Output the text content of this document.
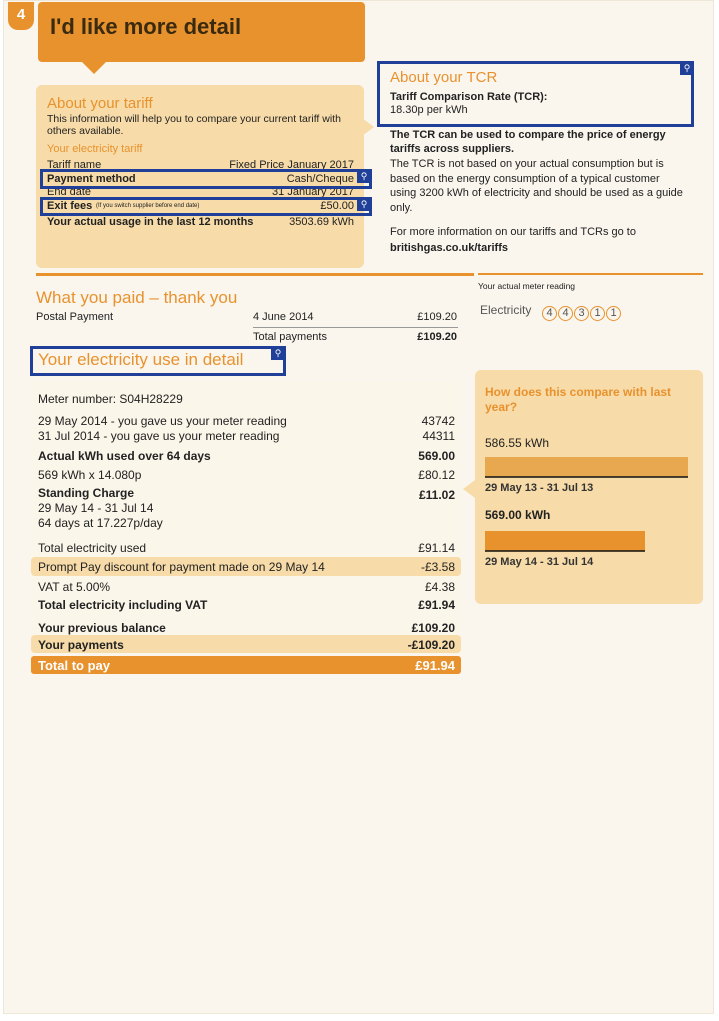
4	I'd like more detail
About your tariff
This information will help you to compare your current tariff with others available.
Your electricity tariff
Tariff name	Fixed Price January 2017
Payment method	Cash/Cheque
End date	31 January 2017
Exit fees (If you switch supplier before end date)	£50.00
Your actual usage in the last 12 months	3503.69 kWh
⚲
⚲
⚲
About your TCR
Tariff Comparison Rate (TCR):
18.30p per kWh
The TCR can be used to compare the price of energy tariffs across suppliers.
The TCR is not based on your actual consumption but is based on the energy consumption of a typical customer using 3200 kWh of electricity and should be used as a guide only.
For more information on our tariffs and TCRs go to
britishgas.co.uk/tariffs
What you paid – thank you
Postal Payment	4 June 2014	£109.20
Total payments	£109.20
Your actual meter reading
Electricity	4 4 3 1 1
⚲
Your electricity use in detail
Meter number: S04H28229
29 May 2014 - you gave us your meter reading	43742
31 Jul 2014 - you gave us your meter reading	44311
Actual kWh used over 64 days	569.00
569 kWh x 14.080p	£80.12
Standing Charge	£11.02
29 May 14 - 31 Jul 14
64 days at 17.227p/day
Total electricity used	£91.14
Prompt Pay discount for payment made on 29 May 14	-£3.58
VAT at 5.00%	£4.38
Total electricity including VAT	£91.94
Your previous balance	£109.20
Your payments	-£109.20
Total to pay	£91.94
How does this compare with last year?
586.55 kWh
569.00 kWh
29 May 13 - 31 Jul 13
29 May 14 - 31 Jul 14
